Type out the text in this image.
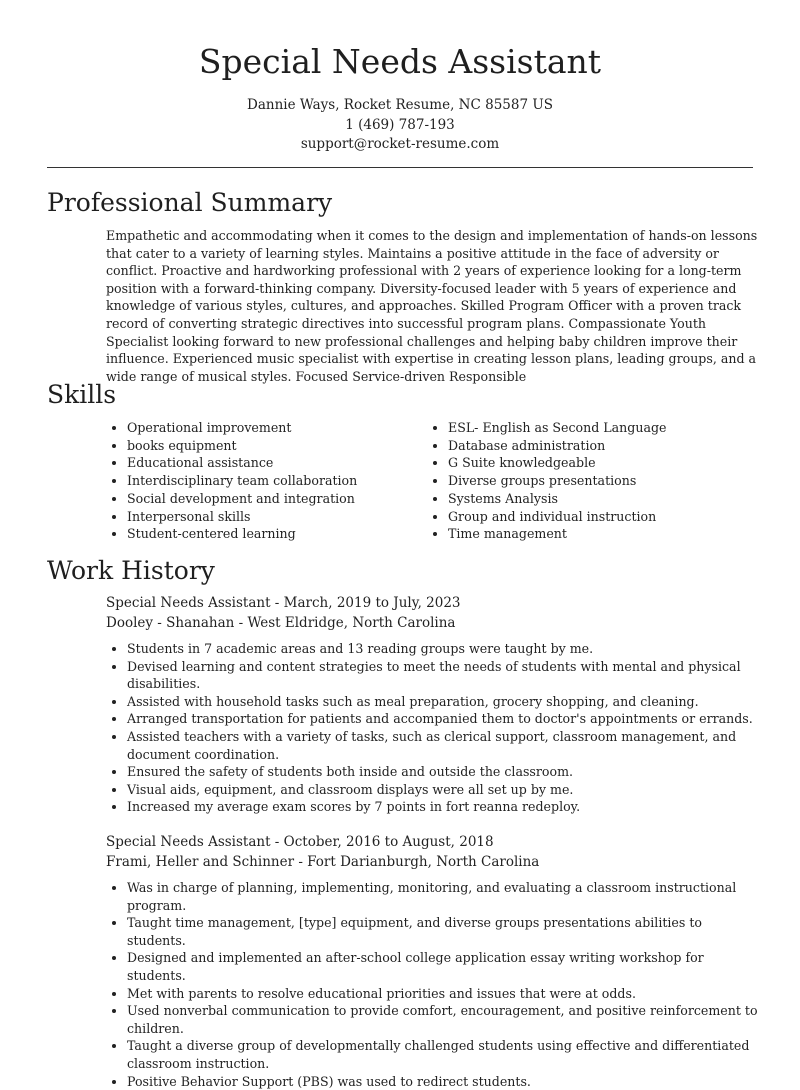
Special Needs Assistant
Dannie Ways, Rocket Resume, NC 85587 US
1 (469) 787-193
support@rocket-resume.com
Professional Summary

Empathetic and accommodating when it comes to the design and implementation of hands-on lessons that cater to a variety of learning styles. Maintains a positive attitude in the face of adversity or conflict. Proactive and hardworking professional with 2 years of experience looking for a long-term position with a forward-thinking company. Diversity-focused leader with 5 years of experience and knowledge of various styles, cultures, and approaches. Skilled Program Officer with a proven track record of converting strategic directives into successful program plans. Compassionate Youth Specialist looking forward to new professional challenges and helping baby children improve their influence. Experienced music specialist with expertise in creating lesson plans, leading groups, and a wide range of musical styles. Focused Service-driven Responsible

Skills
• Operational improvement
• books equipment
• Educational assistance
• Interdisciplinary team collaboration
• Social development and integration
• Interpersonal skills
• Student-centered learning
• ESL- English as Second Language
• Database administration
• G Suite knowledgeable
• Diverse groups presentations
• Systems Analysis
• Group and individual instruction
• Time management
Work History

Special Needs Assistant - March, 2019 to July, 2023

Dooley - Shanahan - West Eldridge, North Carolina

• Students in 7 academic areas and 13 reading groups were taught by me.
• Devised learning and content strategies to meet the needs of students with mental and physical disabilities.
• Assisted with household tasks such as meal preparation, grocery shopping, and cleaning.
• Arranged transportation for patients and accompanied them to doctor's appointments or errands.
• Assisted teachers with a variety of tasks, such as clerical support, classroom management, and document coordination.
• Ensured the safety of students both inside and outside the classroom.
• Visual aids, equipment, and classroom displays were all set up by me.
• Increased my average exam scores by 7 points in fort reanna redeploy.

Special Needs Assistant - October, 2016 to August, 2018

Frami, Heller and Schinner - Fort Darianburgh, North Carolina

• Was in charge of planning, implementing, monitoring, and evaluating a classroom instructional program.
• Taught time management, [type] equipment, and diverse groups presentations abilities to students.
• Designed and implemented an after-school college application essay writing workshop for students.
• Met with parents to resolve educational priorities and issues that were at odds.
• Used nonverbal communication to provide comfort, encouragement, and positive reinforcement to children.
• Taught a diverse group of developmentally challenged students using effective and differentiated classroom instruction.
• Positive Behavior Support (PBS) was used to redirect students.
